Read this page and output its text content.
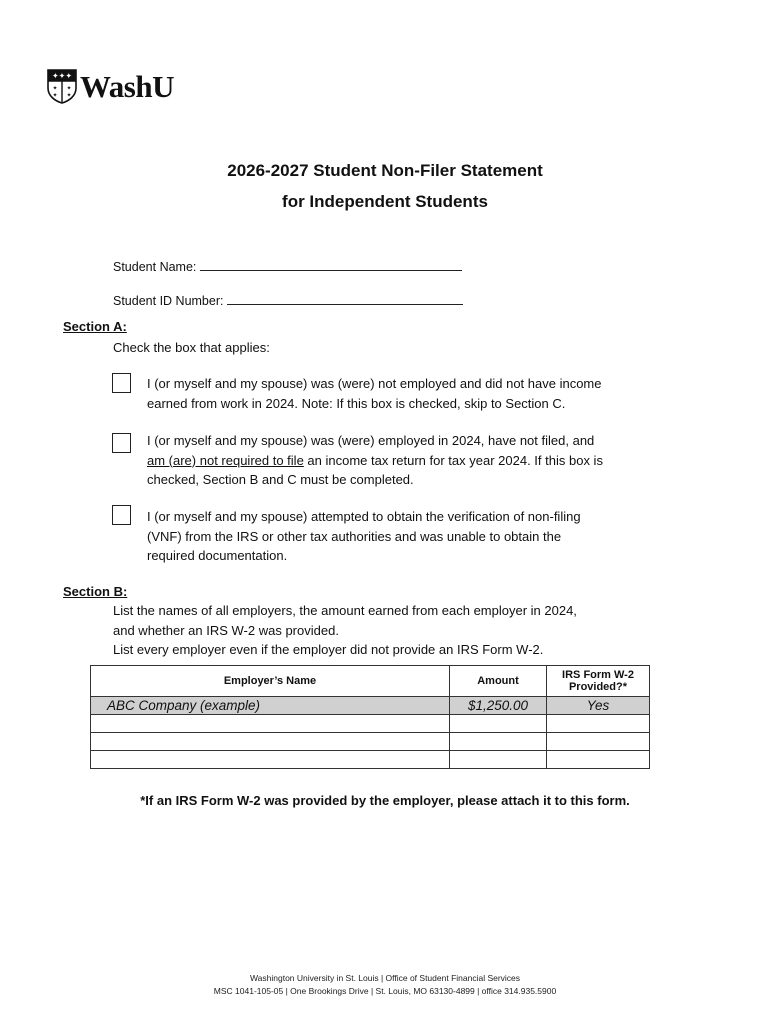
✦✦✦
✦ ✦
✦ ✦ WashU
2026-2027 Student Non-Filer Statement
for Independent Students
Student Name:
Student ID Number:
Section A:
Check the box that applies:
I (or myself and my spouse) was (were) not employed and did not have income
earned from work in 2024. Note: If this box is checked, skip to Section C.
I (or myself and my spouse) was (were) employed in 2024, have not filed, and
am (are) not required to file an income tax return for tax year 2024. If this box is
checked, Section B and C must be completed.
I (or myself and my spouse) attempted to obtain the verification of non-filing
(VNF) from the IRS or other tax authorities and was unable to obtain the
required documentation.
Section B:
List the names of all employers, the amount earned from each employer in 2024,
and whether an IRS W-2 was provided.
List every employer even if the employer did not provide an IRS Form W-2.
Employer’s Name	Amount	IRS Form W-2
Provided?*

ABC Company (example)	$1,250.00	Yes

*If an IRS Form W-2 was provided by the employer, please attach it to this form.
Washington University in St. Louis | Office of Student Financial Services
MSC 1041-105-05 | One Brookings Drive | St. Louis, MO 63130-4899 | office 314.935.5900
